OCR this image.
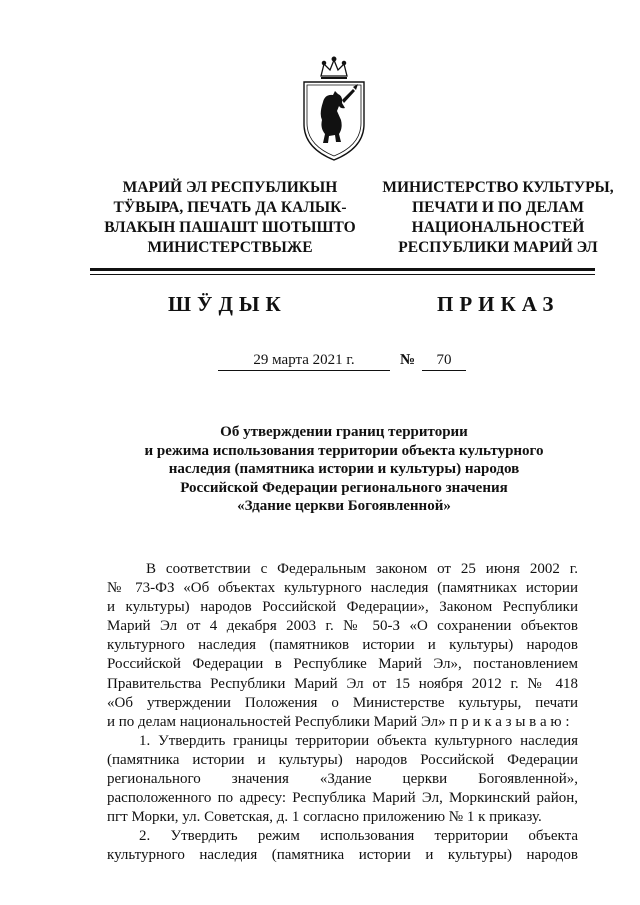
МАРИЙ ЭЛ РЕСПУБЛИКЫН
ТӰВЫРА, ПЕЧАТЬ ДА КАЛЫК-
ВЛАКЫН ПАШАШТ ШОТЫШТО
МИНИСТЕРСТВЫЖЕ
МИНИСТЕРСТВО КУЛЬТУРЫ,
ПЕЧАТИ И ПО ДЕЛАМ
НАЦИОНАЛЬНОСТЕЙ
РЕСПУБЛИКИ МАРИЙ ЭЛ
ШӰДЫК	ПРИКАЗ
29 марта 2021 г.	№	70
Об утверждении границ территории
и режима использования территории объекта культурного
наследия (памятника истории и культуры) народов
Российской Федерации регионального значения
«Здание церкви Богоявленной»
В соответствии с Федеральным законом от 25 июня 2002 г.
№ 73-ФЗ «Об объектах культурного наследия (памятниках истории
и культуры) народов Российской Федерации», Законом Республики
Марий Эл от 4 декабря 2003 г. № 50-З «О сохранении объектов
культурного наследия (памятников истории и культуры) народов
Российской Федерации в Республике Марий Эл», постановлением
Правительства Республики Марий Эл от 15 ноября 2012 г. № 418
«Об утверждении Положения о Министерстве культуры, печати
и по делам национальностей Республики Марий Эл» п р и к а з ы в а ю :
1. Утвердить границы территории объекта культурного наследия
(памятника истории и культуры) народов Российской Федерации
регионального значения «Здание церкви Богоявленной»,
расположенного по адресу: Республика Марий Эл, Моркинский район,
пгт Морки, ул. Советская, д. 1 согласно приложению № 1 к приказу.
2. Утвердить режим использования территории объекта
культурного наследия (памятника истории и культуры) народов
